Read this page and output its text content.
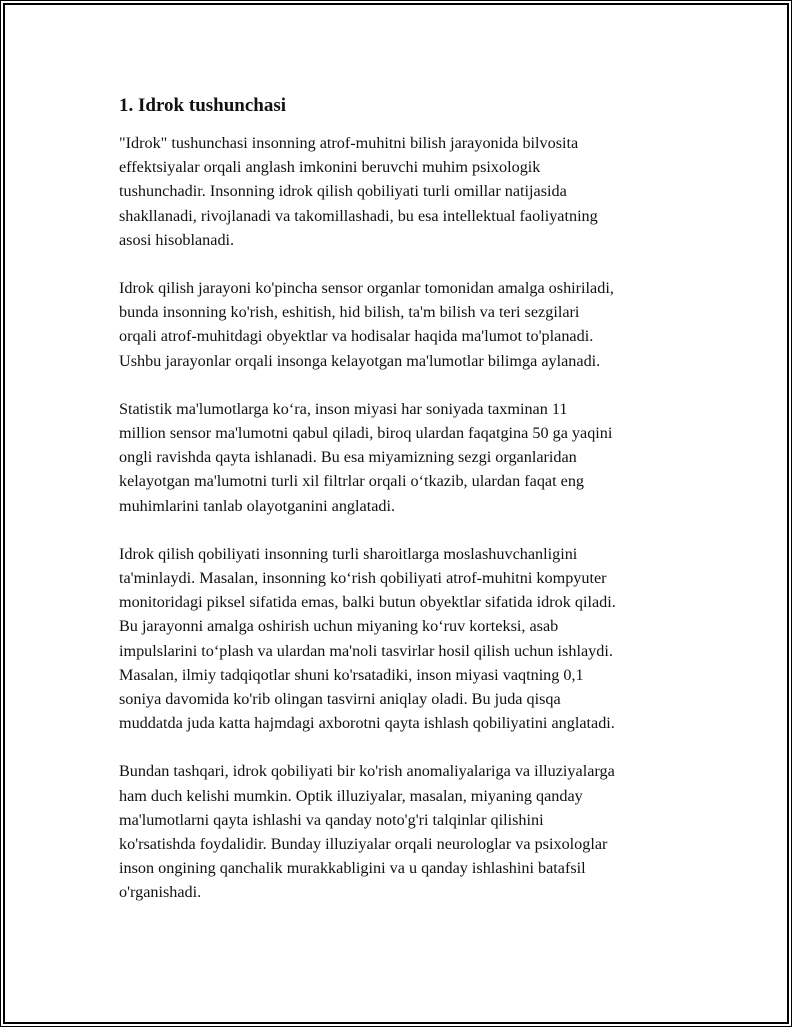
1. Idrok tushunchasi

"Idrok" tushunchasi insonning atrof-muhitni bilish jarayonida bilvosita
effektsiyalar orqali anglash imkonini beruvchi muhim psixologik
tushunchadir. Insonning idrok qilish qobiliyati turli omillar natijasida
shakllanadi, rivojlanadi va takomillashadi, bu esa intellektual faoliyatning
asosi hisoblanadi.

Idrok qilish jarayoni ko'pincha sensor organlar tomonidan amalga oshiriladi,
bunda insonning ko'rish, eshitish, hid bilish, ta'm bilish va teri sezgilari
orqali atrof-muhitdagi obyektlar va hodisalar haqida ma'lumot to'planadi.
Ushbu jarayonlar orqali insonga kelayotgan ma'lumotlar bilimga aylanadi.

Statistik ma'lumotlarga ko‘ra, inson miyasi har soniyada taxminan 11
million sensor ma'lumotni qabul qiladi, biroq ulardan faqatgina 50 ga yaqini
ongli ravishda qayta ishlanadi. Bu esa miyamizning sezgi organlaridan
kelayotgan ma'lumotni turli xil filtrlar orqali o‘tkazib, ulardan faqat eng
muhimlarini tanlab olayotganini anglatadi.

Idrok qilish qobiliyati insonning turli sharoitlarga moslashuvchanligini
ta'minlaydi. Masalan, insonning ko‘rish qobiliyati atrof-muhitni kompyuter
monitoridagi piksel sifatida emas, balki butun obyektlar sifatida idrok qiladi.
Bu jarayonni amalga oshirish uchun miyaning ko‘ruv korteksi, asab
impulslarini to‘plash va ulardan ma'noli tasvirlar hosil qilish uchun ishlaydi.
Masalan, ilmiy tadqiqotlar shuni ko'rsatadiki, inson miyasi vaqtning 0,1
soniya davomida ko'rib olingan tasvirni aniqlay oladi. Bu juda qisqa
muddatda juda katta hajmdagi axborotni qayta ishlash qobiliyatini anglatadi.

Bundan tashqari, idrok qobiliyati bir ko'rish anomaliyalariga va illuziyalarga
ham duch kelishi mumkin. Optik illuziyalar, masalan, miyaning qanday
ma'lumotlarni qayta ishlashi va qanday noto'g'ri talqinlar qilishini
ko'rsatishda foydalidir. Bunday illuziyalar orqali neurologlar va psixologlar
inson ongining qanchalik murakkabligini va u qanday ishlashini batafsil
o'rganishadi.
